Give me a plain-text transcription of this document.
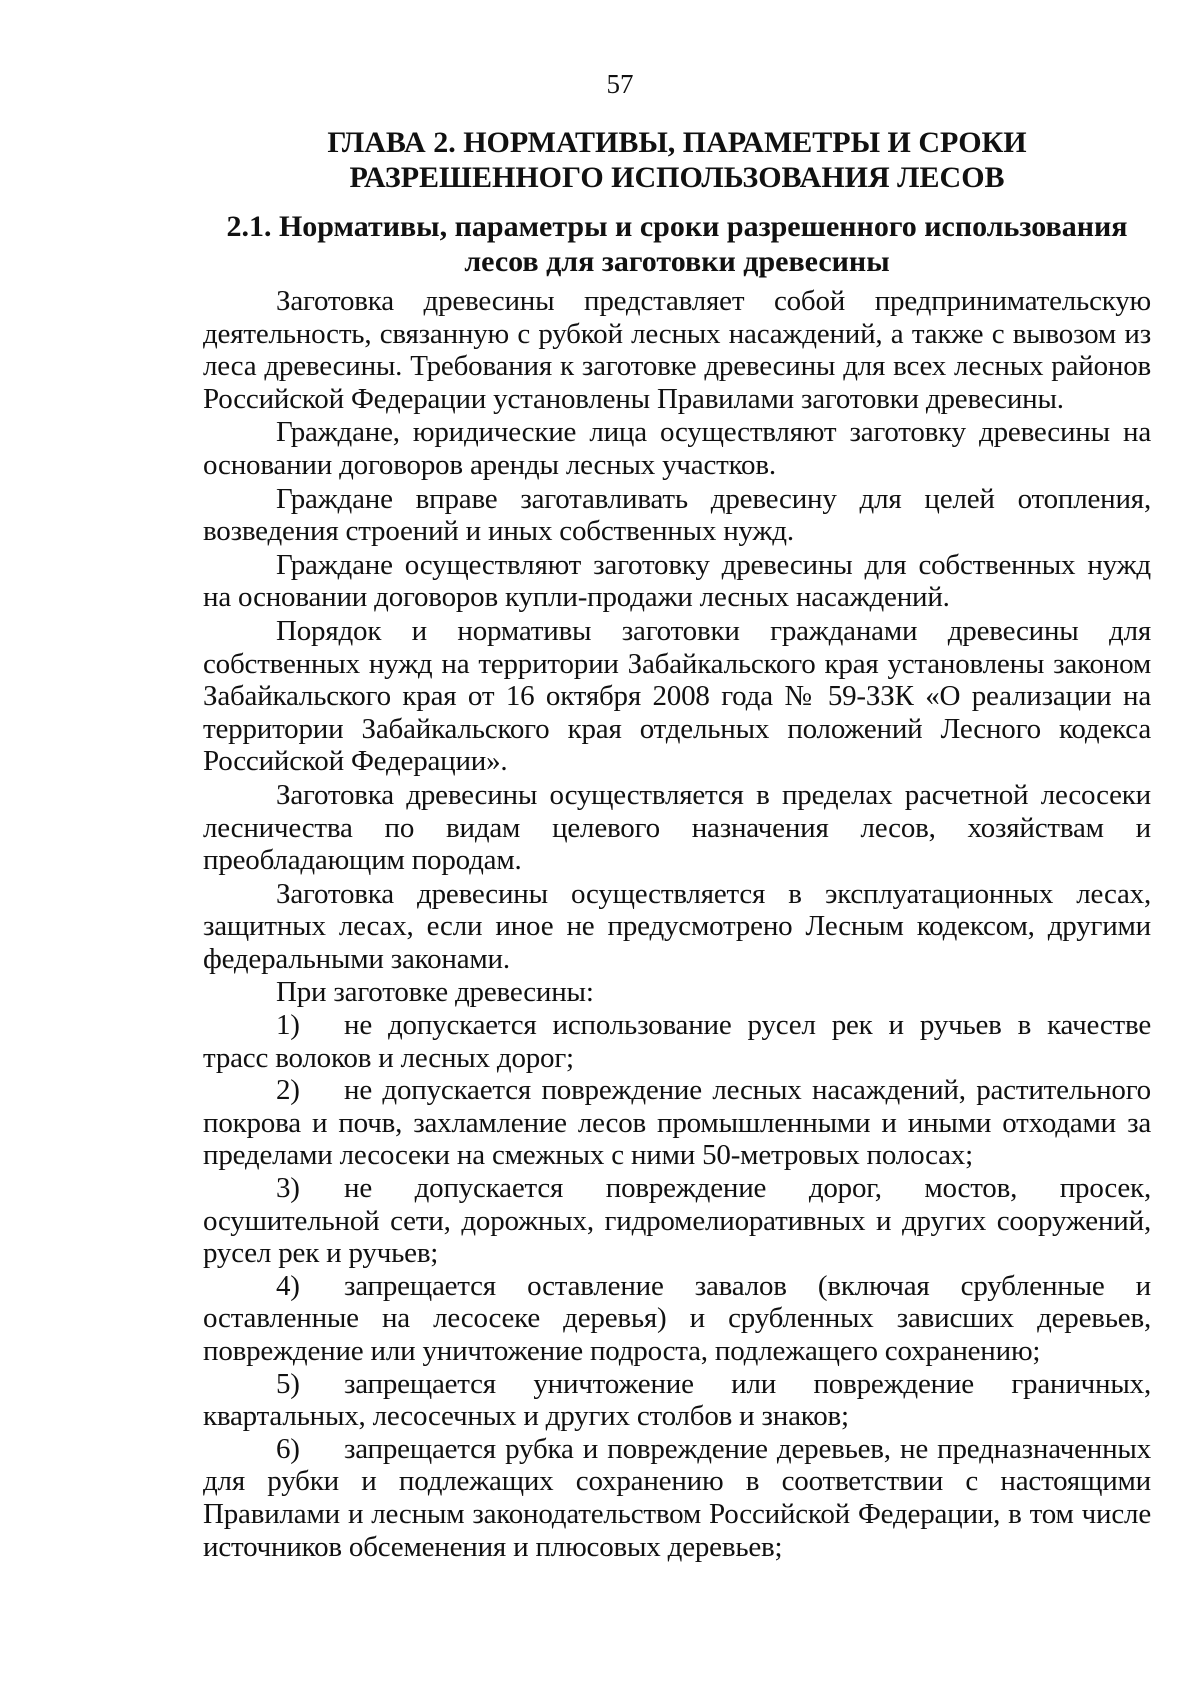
57
ГЛАВА 2. НОРМАТИВЫ, ПАРАМЕТРЫ И СРОКИ РАЗРЕШЕННОГО ИСПОЛЬЗОВАНИЯ ЛЕСОВ
2.1. Нормативы, параметры и сроки разрешенного использования лесов для заготовки древесины

Заготовка древесины представляет собой предпринимательскую деятельность, связанную с рубкой лесных насаждений, а также с вывозом из леса древесины. Требования к заготовке древесины для всех лесных районов Российской Федерации установлены Правилами заготовки древесины.

Граждане, юридические лица осуществляют заготовку древесины на основании договоров аренды лесных участков.

Граждане вправе заготавливать древесину для целей отопления, возведения строений и иных собственных нужд.

Граждане осуществляют заготовку древесины для собственных нужд на основании договоров купли-продажи лесных насаждений.

Порядок и нормативы заготовки гражданами древесины для собственных нужд на территории Забайкальского края установлены законом Забайкальского края от 16 октября 2008 года № 59-ЗЗК «О реализации на территории Забайкальского края отдельных положений Лесного кодекса Российской Федерации».

Заготовка древесины осуществляется в пределах расчетной лесосеки лесничества по видам целевого назначения лесов, хозяйствам и преобладающим породам.

Заготовка древесины осуществляется в эксплуатационных лесах, защитных лесах, если иное не предусмотрено Лесным кодексом, другими федеральными законами.

При заготовке древесины:

1) не допускается использование русел рек и ручьев в качестве трасс волоков и лесных дорог;

2) не допускается повреждение лесных насаждений, растительного покрова и почв, захламление лесов промышленными и иными отходами за пределами лесосеки на смежных с ними 50-метровых полосах;

3) не допускается повреждение дорог, мостов, просек, осушительной сети, дорожных, гидромелиоративных и других сооружений, русел рек и ручьев;

4) запрещается оставление завалов (включая срубленные и оставленные на лесосеке деревья) и срубленных зависших деревьев, повреждение или уничтожение подроста, подлежащего сохранению;

5) запрещается уничтожение или повреждение граничных, квартальных, лесосечных и других столбов и знаков;

6) запрещается рубка и повреждение деревьев, не предназначенных для рубки и подлежащих сохранению в соответствии с настоящими Правилами и лесным законодательством Российской Федерации, в том числе источников обсеменения и плюсовых деревьев;
